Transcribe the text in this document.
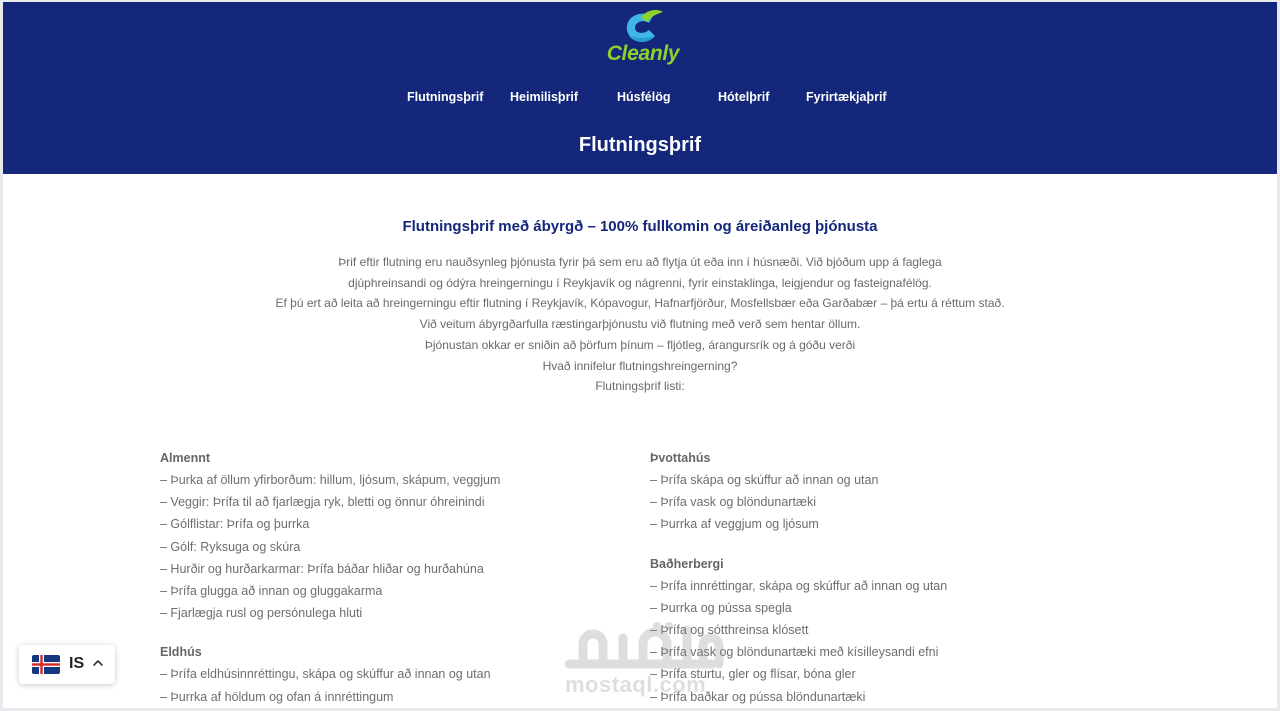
Cleanly
Flutningsþrif Heimilisþrif	Húsfélög	Hótelþrif	Fyrirtækjaþrif
Flutningsþrif
Flutningsþrif með ábyrgð – 100% fullkomin og áreiðanleg þjónusta
Þrif eftir flutning eru nauðsynleg þjónusta fyrir þá sem eru að flytja út eða inn í húsnæði. Við bjóðum upp á faglega
djúphreinsandi og ódýra hreingerningu í Reykjavík og nágrenni, fyrir einstaklinga, leigjendur og fasteignafélög.
Ef þú ert að leita að hreingerningu eftir flutning í Reykjavík, Kópavogur, Hafnarfjörður, Mosfellsbær eða Garðabær – þá ertu á réttum stað.
Við veitum ábyrgðarfulla ræstingarþjónustu við flutning með verð sem hentar öllum.
Þjónustan okkar er sniðin að þörfum þínum – fljótleg, árangursrík og á góðu verði
Hvað innifelur flutningshreingerning?
Flutningsþrif listi:
Almennt
– Þurka af öllum yfirborðum: hillum, ljósum, skápum, veggjum
– Veggir: Þrífa til að fjarlægja ryk, bletti og önnur óhreinindi
– Gólflistar: Þrífa og þurrka
– Gólf: Ryksuga og skúra
– Hurðir og hurðarkarmar: Þrífa báðar hliðar og hurðahúna
– Þrífa glugga að innan og gluggakarma
– Fjarlægja rusl og persónulega hluti
Eldhús
– Þrífa eldhúsinnréttingu, skápa og skúffur að innan og utan
– Þurrka af höldum og ofan á innréttingum
Þvottahús
– Þrífa skápa og skúffur að innan og utan
– Þrífa vask og blöndunartæki
– Þurrka af veggjum og ljósum
Baðherbergi
– Þrífa innréttingar, skápa og skúffur að innan og utan
– Þurrka og pússa spegla
– Þrífa og sótthreinsa klósett
– Þrífa vask og blöndunartæki með kísilleysandi efni
– Þrífa sturtu, gler og flísar, bóna gler
– Þrífa baðkar og pússa blöndunartæki
mostaql.com
IS
